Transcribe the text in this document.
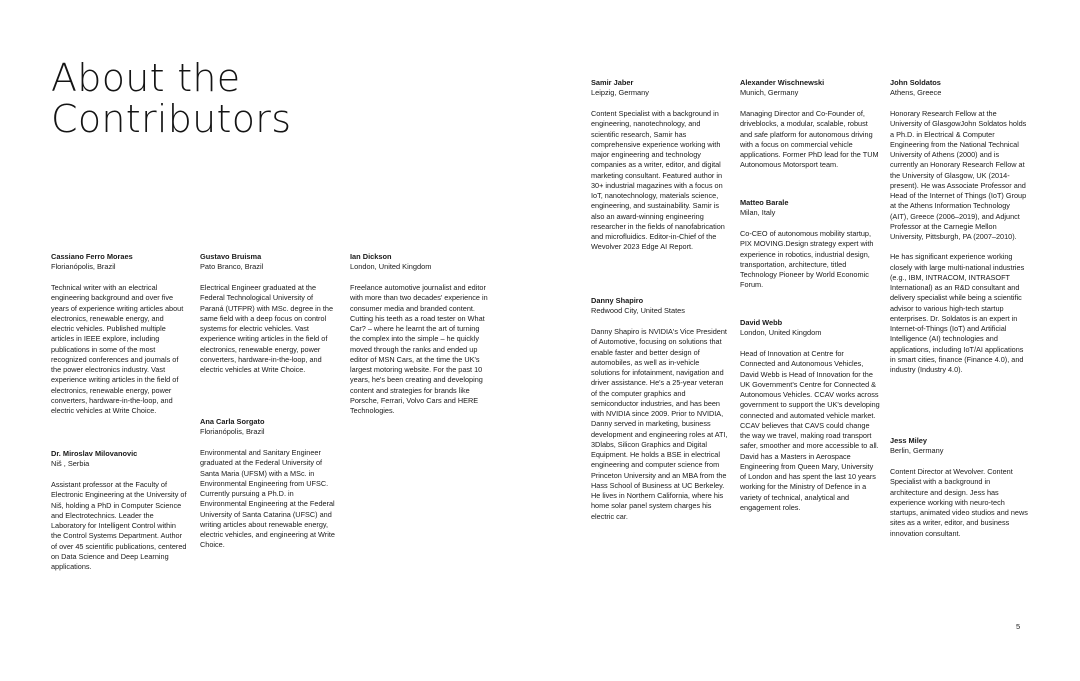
About the
Contributors
Cassiano Ferro Moraes
Florianópolis, Brazil

Technical writer with an electrical engineering background and over five years of experience writing articles about electronics, renewable energy, and electric vehicles. Published multiple articles in IEEE explore, including publications in some of the most recognized conferences and journals of the power electronics industry. Vast experience writing articles in the field of electronics, renewable energy, power converters, hardware-in-the-loop, and electric vehicles at Write Choice.

Dr. Miroslav Milovanovic
Niš , Serbia

Assistant professor at the Faculty of Electronic Engineering at the University of Niš, holding a PhD in Computer Science and Electrotechnics. Leader the Laboratory for Intelligent Control within the Control Systems Department. Author of over 45 scientific publications, centered on Data Science and Deep Learning applications.

Gustavo Bruisma
Pato Branco, Brazil

Electrical Engineer graduated at the Federal Technological University of Paraná (UTFPR) with MSc. degree in the same field with a deep focus on control systems for electric vehicles. Vast experience writing articles in the field of electronics, renewable energy, power converters, hardware-in-the-loop, and electric vehicles at Write Choice.

Ana Carla Sorgato
Florianópolis, Brazil

Environmental and Sanitary Engineer graduated at the Federal University of Santa Maria (UFSM) with a MSc. in Environmental Engineering from UFSC. Currently pursuing a Ph.D. in Environmental Engineering at the Federal University of Santa Catarina (UFSC) and writing articles about renewable energy, electric vehicles, and engineering at Write Choice.

Ian Dickson
London, United Kingdom

Freelance automotive journalist and editor with more than two decades' experience in consumer media and branded content. Cutting his teeth as a road tester on What Car? – where he learnt the art of turning the complex into the simple – he quickly moved through the ranks and ended up editor of MSN Cars, at the time the UK's largest motoring website. For the past 10 years, he's been creating and developing content and strategies for brands like Porsche, Ferrari, Volvo Cars and HERE Technologies.

Samir Jaber
Leipzig, Germany

Content Specialist with a background in engineering, nanotechnology, and scientific research, Samir has comprehensive experience working with major engineering and technology companies as a writer, editor, and digital marketing consultant. Featured author in 30+ industrial magazines with a focus on IoT, nanotechnology, materials science, engineering, and sustainability. Samir is also an award-winning engineering researcher in the fields of nanofabrication and microfluidics. Editor-in-Chief of the Wevolver 2023 Edge AI Report.

Danny Shapiro
Redwood City, United States

Danny Shapiro is NVIDIA's Vice President of Automotive, focusing on solutions that enable faster and better design of automobiles, as well as in-vehicle solutions for infotainment, navigation and driver assistance. He's a 25-year veteran of the computer graphics and semiconductor industries, and has been with NVIDIA since 2009. Prior to NVIDIA, Danny served in marketing, business development and engineering roles at ATI, 3Dlabs, Silicon Graphics and Digital Equipment. He holds a BSE in electrical engineering and computer science from Princeton University and an MBA from the Hass School of Business at UC Berkeley. He lives in Northern California, where his home solar panel system charges his electric car.

Alexander Wischnewski
Munich, Germany

Managing Director and Co-Founder of, driveblocks, a modular, scalable, robust and safe platform for autonomous driving with a focus on commercial vehicle applications. Former PhD lead for the TUM Autonomous Motorsport team.

Matteo Barale
Milan, Italy

Co-CEO of autonomous mobility startup, PIX MOVING.Design strategy expert with experience in robotics, industrial design, transportation, architecture, titled Technology Pioneer by World Economic Forum.

David Webb
London, United Kingdom

Head of Innovation at Centre for Connected and Autonomous Vehicles, David Webb is Head of Innovation for the UK Government's Centre for Connected & Autonomous Vehicles. CCAV works across government to support the UK's developing connected and automated vehicle market. CCAV believes that CAVS could change the way we travel, making road transport safer, smoother and more accessible to all. David has a Masters in Aerospace Engineering from Queen Mary, University of London and has spent the last 10 years working for the Ministry of Defence in a variety of technical, analytical and engagement roles.

John Soldatos
Athens, Greece

Honorary Research Fellow at the University of GlasgowJohn Soldatos holds a Ph.D. in Electrical & Computer Engineering from the National Technical University of Athens (2000) and is currently an Honorary Research Fellow at the University of Glasgow, UK (2014-present). He was Associate Professor and Head of the Internet of Things (IoT) Group at the Athens Information Technology (AIT), Greece (2006–2019), and Adjunct Professor at the Carnegie Mellon University, Pittsburgh, PA (2007–2010).

He has significant experience working closely with large multi-national industries (e.g., IBM, INTRACOM, INTRASOFT International) as an R&D consultant and delivery specialist while being a scientific advisor to various high-tech startup enterprises. Dr. Soldatos is an expert in Internet-of-Things (IoT) and Artificial Intelligence (AI) technologies and applications, including IoT/AI applications in smart cities, finance (Finance 4.0), and industry (Industry 4.0).

Jess Miley
Berlin, Germany

Content Director at Wevolver. Content Specialist with a background in architecture and design. Jess has experience working with neuro-tech startups, animated video studios and news sites as a writer, editor, and business innovation consultant.

5
